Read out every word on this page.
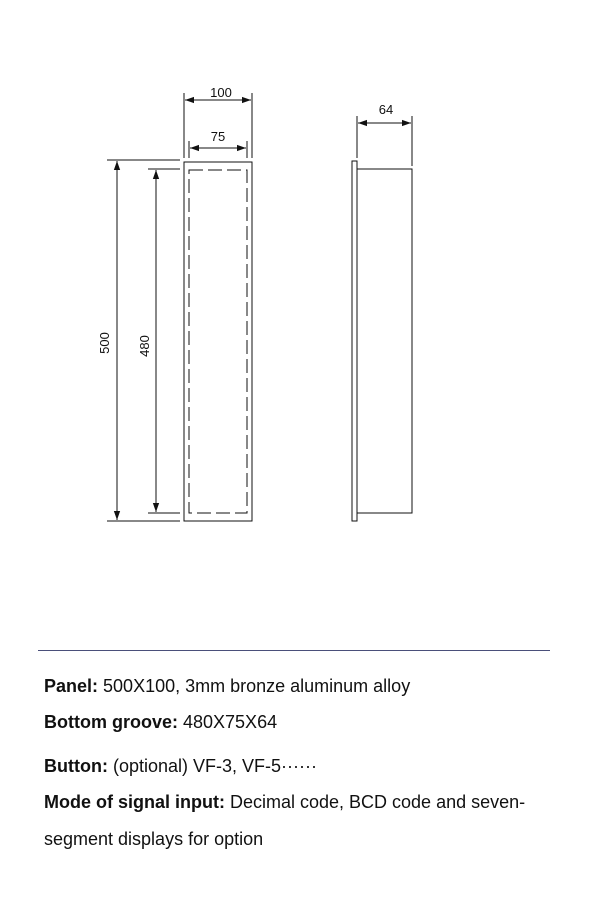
100
75
500 480
64

Panel: 500X100, 3mm bronze aluminum alloy

Bottom groove: 480X75X64

Button: (optional) VF-3, VF-5······

Mode of signal input: Decimal code, BCD code and seven-segment displays for option
